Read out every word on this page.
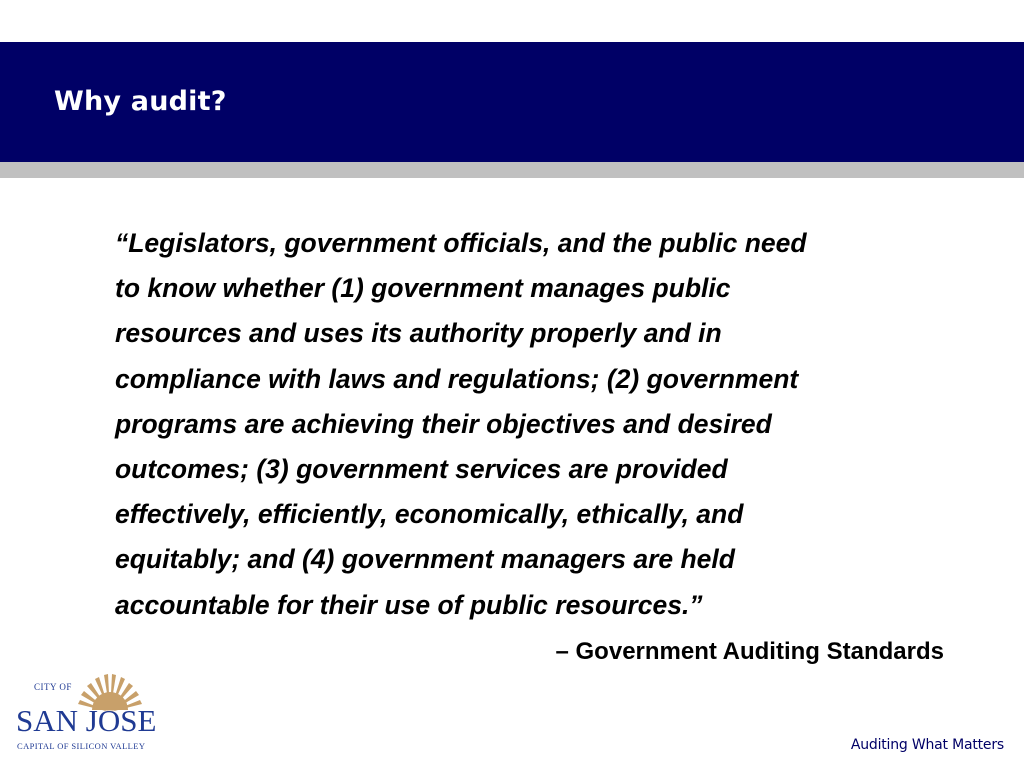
Why audit?

“Legislators, government officials, and the public need
to know whether (1) government manages public
resources and uses its authority properly and in
compliance with laws and regulations; (2) government
programs are achieving their objectives and desired
outcomes; (3) government services are provided
effectively, efficiently, economically, ethically, and
equitably; and (4) government managers are held
accountable for their use of public resources.”

– Government Auditing Standards

CITY OF
SAN JOSE
CAPITAL OF SILICON VALLEY	Auditing What Matters
